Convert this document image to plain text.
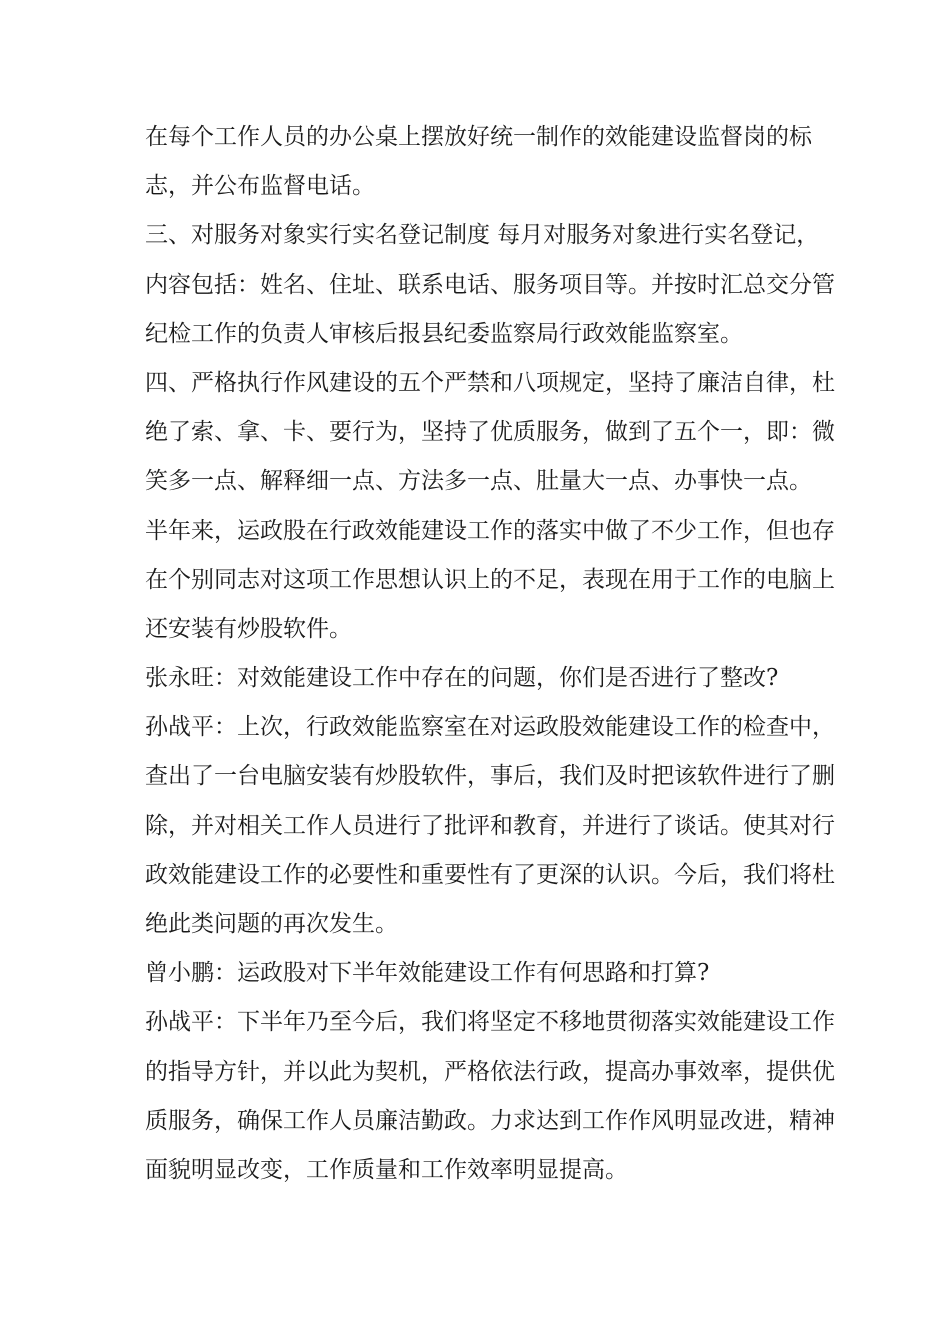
在每个工作人员的办公桌上摆放好统一制作的效能建设监督岗的标
志，并公布监督电话。

三、对服务对象实行实名登记制度 每月对服务对象进行实名登记，
内容包括：姓名、住址、联系电话、服务项目等。并按时汇总交分管
纪检工作的负责人审核后报县纪委监察局行政效能监察室。

四、严格执行作风建设的五个严禁和八项规定，坚持了廉洁自律，杜
绝了索、拿、卡、要行为，坚持了优质服务，做到了五个一，即：微
笑多一点、解释细一点、方法多一点、肚量大一点、办事快一点。

半年来，运政股在行政效能建设工作的落实中做了不少工作，但也存
在个别同志对这项工作思想认识上的不足，表现在用于工作的电脑上
还安装有炒股软件。

张永旺：对效能建设工作中存在的问题，你们是否进行了整改?

孙战平：上次，行政效能监察室在对运政股效能建设工作的检查中，
查出了一台电脑安装有炒股软件，事后，我们及时把该软件进行了删
除，并对相关工作人员进行了批评和教育，并进行了谈话。使其对行
政效能建设工作的必要性和重要性有了更深的认识。今后，我们将杜
绝此类问题的再次发生。

曾小鹏：运政股对下半年效能建设工作有何思路和打算?

孙战平：下半年乃至今后，我们将坚定不移地贯彻落实效能建设工作
的指导方针，并以此为契机，严格依法行政，提高办事效率，提供优
质服务，确保工作人员廉洁勤政。力求达到工作作风明显改进，精神
面貌明显改变，工作质量和工作效率明显提高。
